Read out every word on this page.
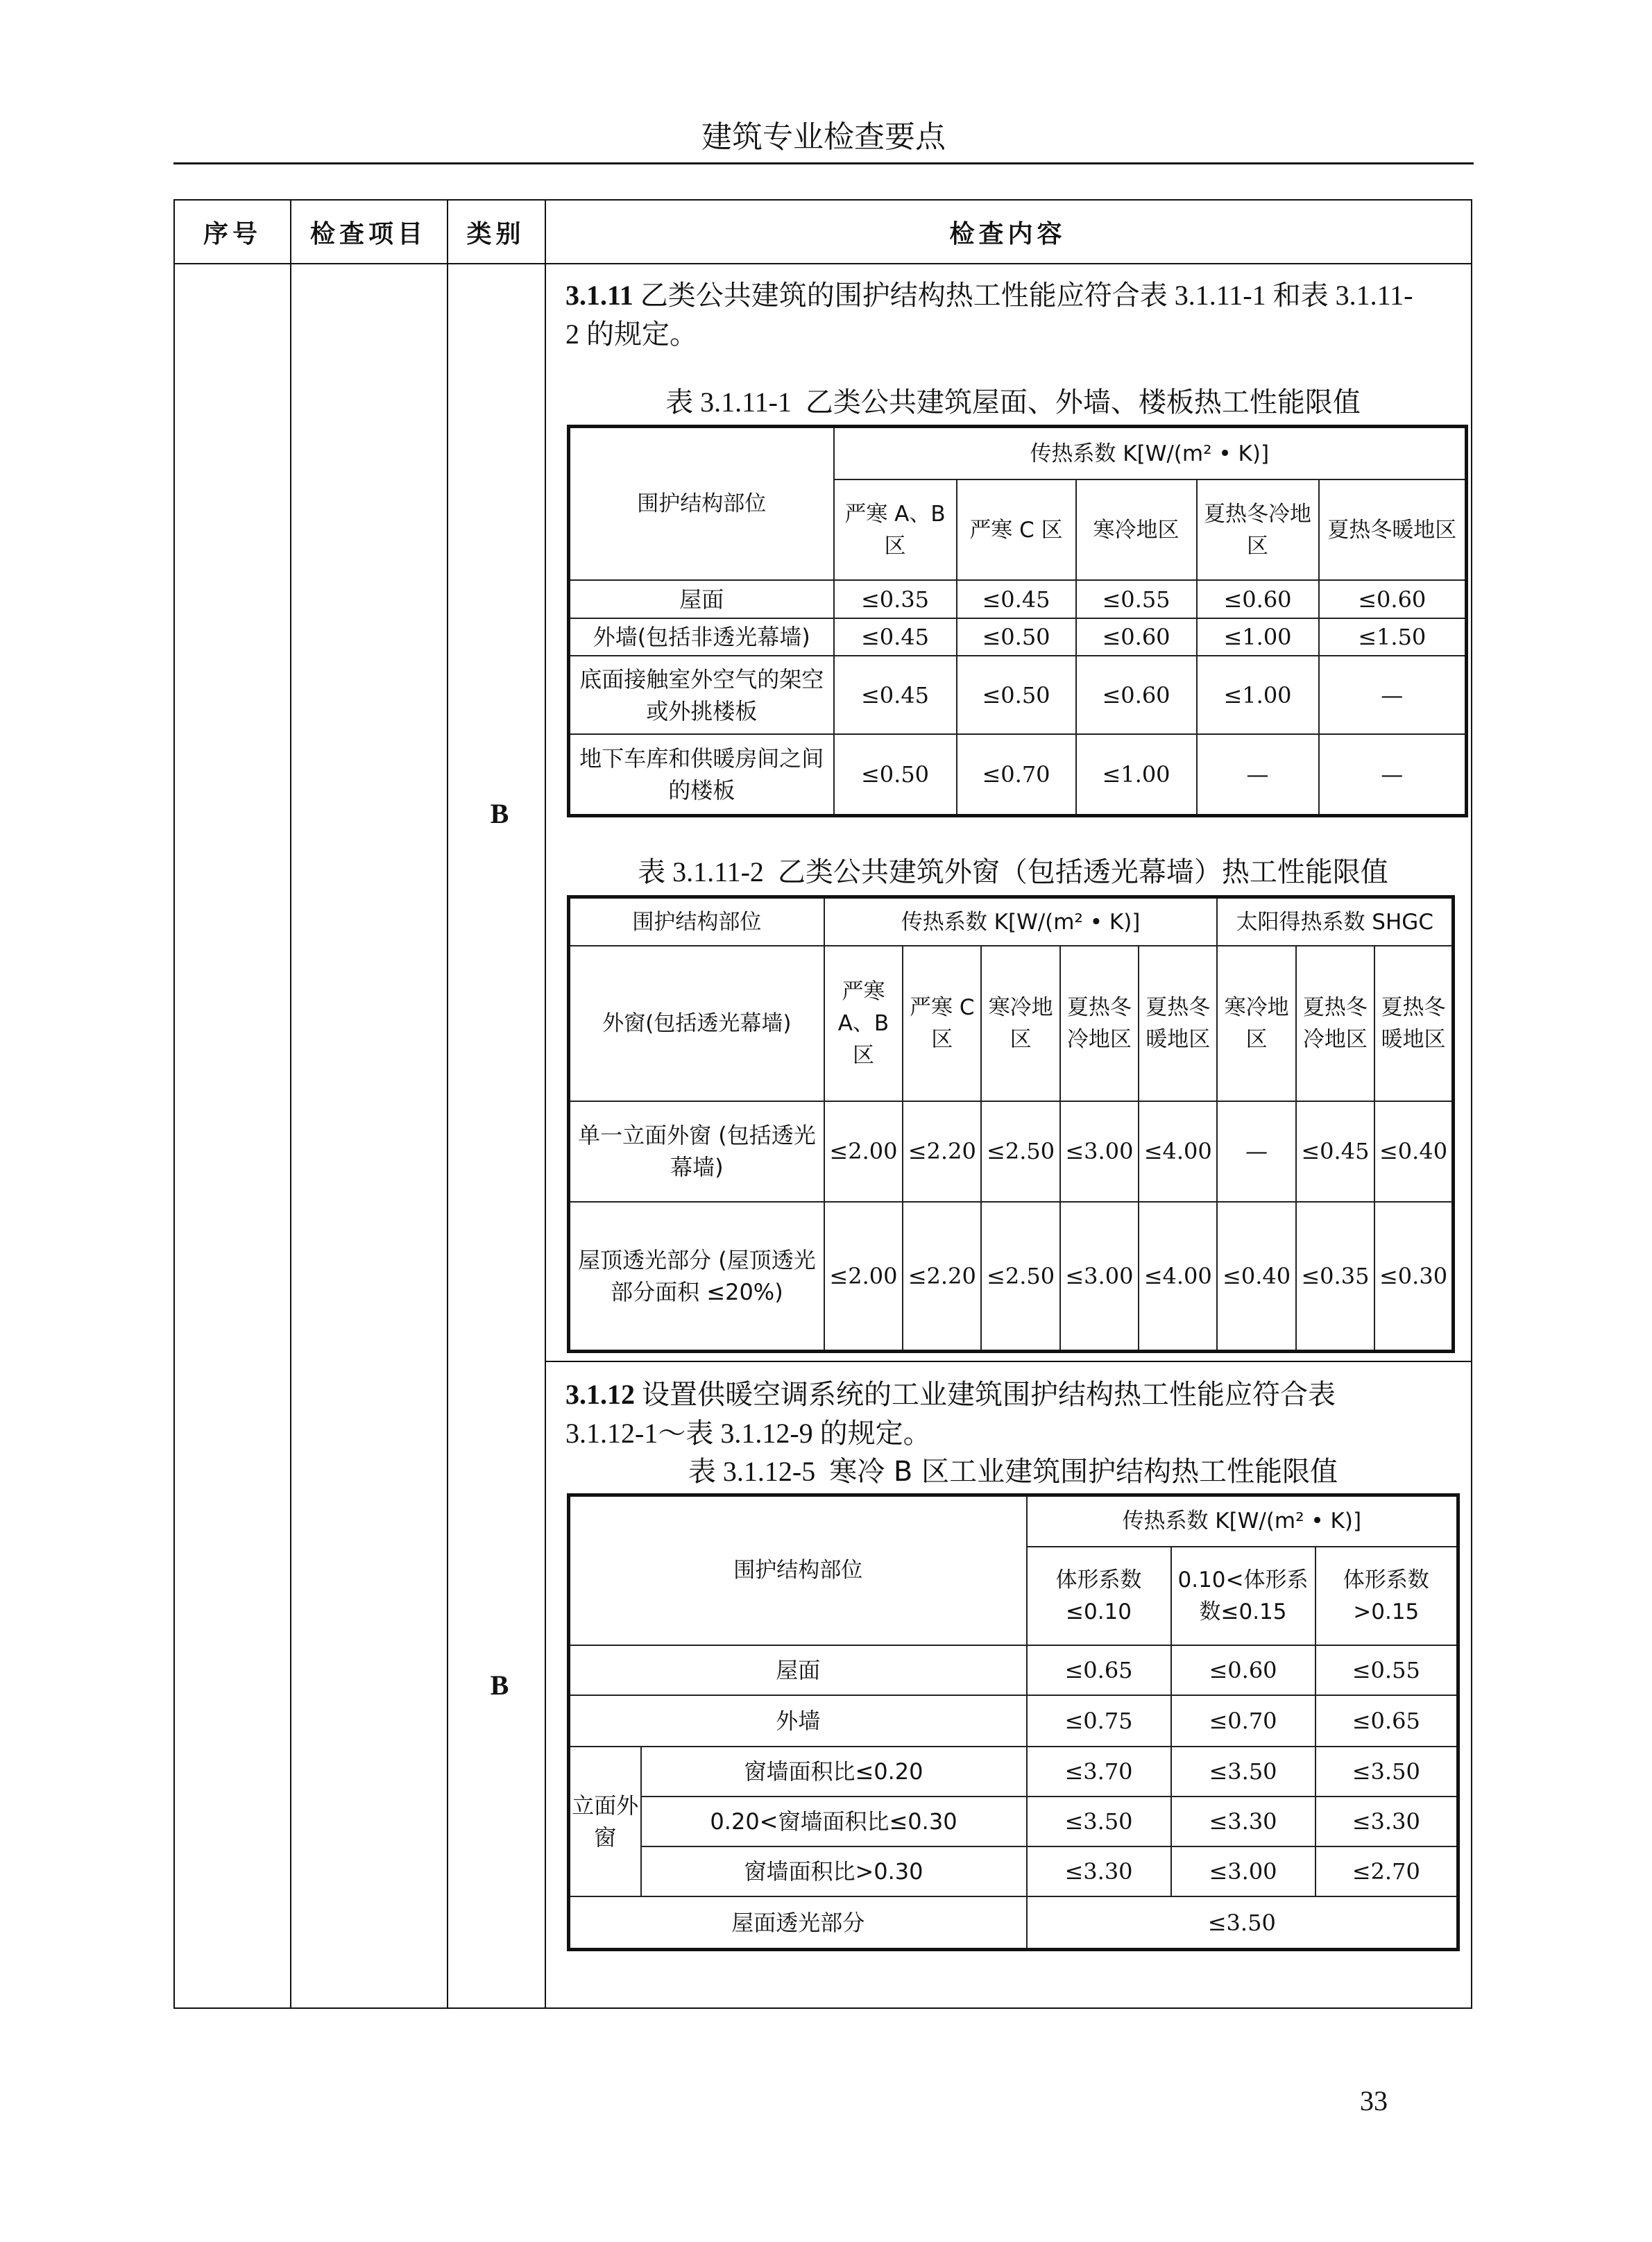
建筑专业检查要点
序号	检查项目	类别	检查内容
B
3.1.11 乙类公共建筑的围护结构热工性能应符合表 3.1.11-1 和表 3.1.11-
2 的规定。
表 3.1.11-1 乙类公共建筑屋面、外墙、楼板热工性能限值
围护结构部位	传热系数 K[W/(m² • K)]				
	严寒 A、B 区	严寒 C 区	寒冷地区	夏热冬冷地区	夏热冬暖地区
屋面	≤0.35	≤0.45	≤0.55	≤0.60	≤0.60
外墙(包括非透光幕墙)	≤0.45	≤0.50	≤0.60	≤1.00	≤1.50
底面接触室外空气的架空或外挑楼板	≤0.45	≤0.50	≤0.60	≤1.00	—
地下车库和供暖房间之间的楼板	≤0.50	≤0.70	≤1.00	—	—
表 3.1.11-2 乙类公共建筑外窗（包括透光幕墙）热工性能限值
围护结构部位	传热系数 K[W/(m² • K)]					太阳得热系数 SHGC		
外窗(包括透光幕墙)	严寒 A、B 区	严寒 C 区	寒冷地区	夏热冬冷地区	夏热冬暖地区	寒冷地区	夏热冬冷地区	夏热冬暖地区
单一立面外窗 (包括透光幕墙)	≤2.00	≤2.20	≤2.50	≤3.00	≤4.00	—	≤0.45	≤0.40
屋顶透光部分 (屋顶透光部分面积 ≤20%)	≤2.00	≤2.20	≤2.50	≤3.00	≤4.00	≤0.40	≤0.35	≤0.30
B
3.1.12 设置供暖空调系统的工业建筑围护结构热工性能应符合表
3.1.12-1～表 3.1.12-9 的规定。
表 3.1.12-5 寒冷 B 区工业建筑围护结构热工性能限值
围护结构部位		传热系数 K[W/(m² • K)]		
		体形系数 ≤0.10	0.10<体形系数≤0.15	体形系数 >0.15
屋面		≤0.65	≤0.60	≤0.55
外墙		≤0.75	≤0.70	≤0.65
立面外窗	窗墙面积比≤0.20	≤3.70	≤3.50	≤3.50
	0.20<窗墙面积比≤0.30	≤3.50	≤3.30	≤3.30
	窗墙面积比>0.30	≤3.30	≤3.00	≤2.70
屋面透光部分		≤3.50		
33
